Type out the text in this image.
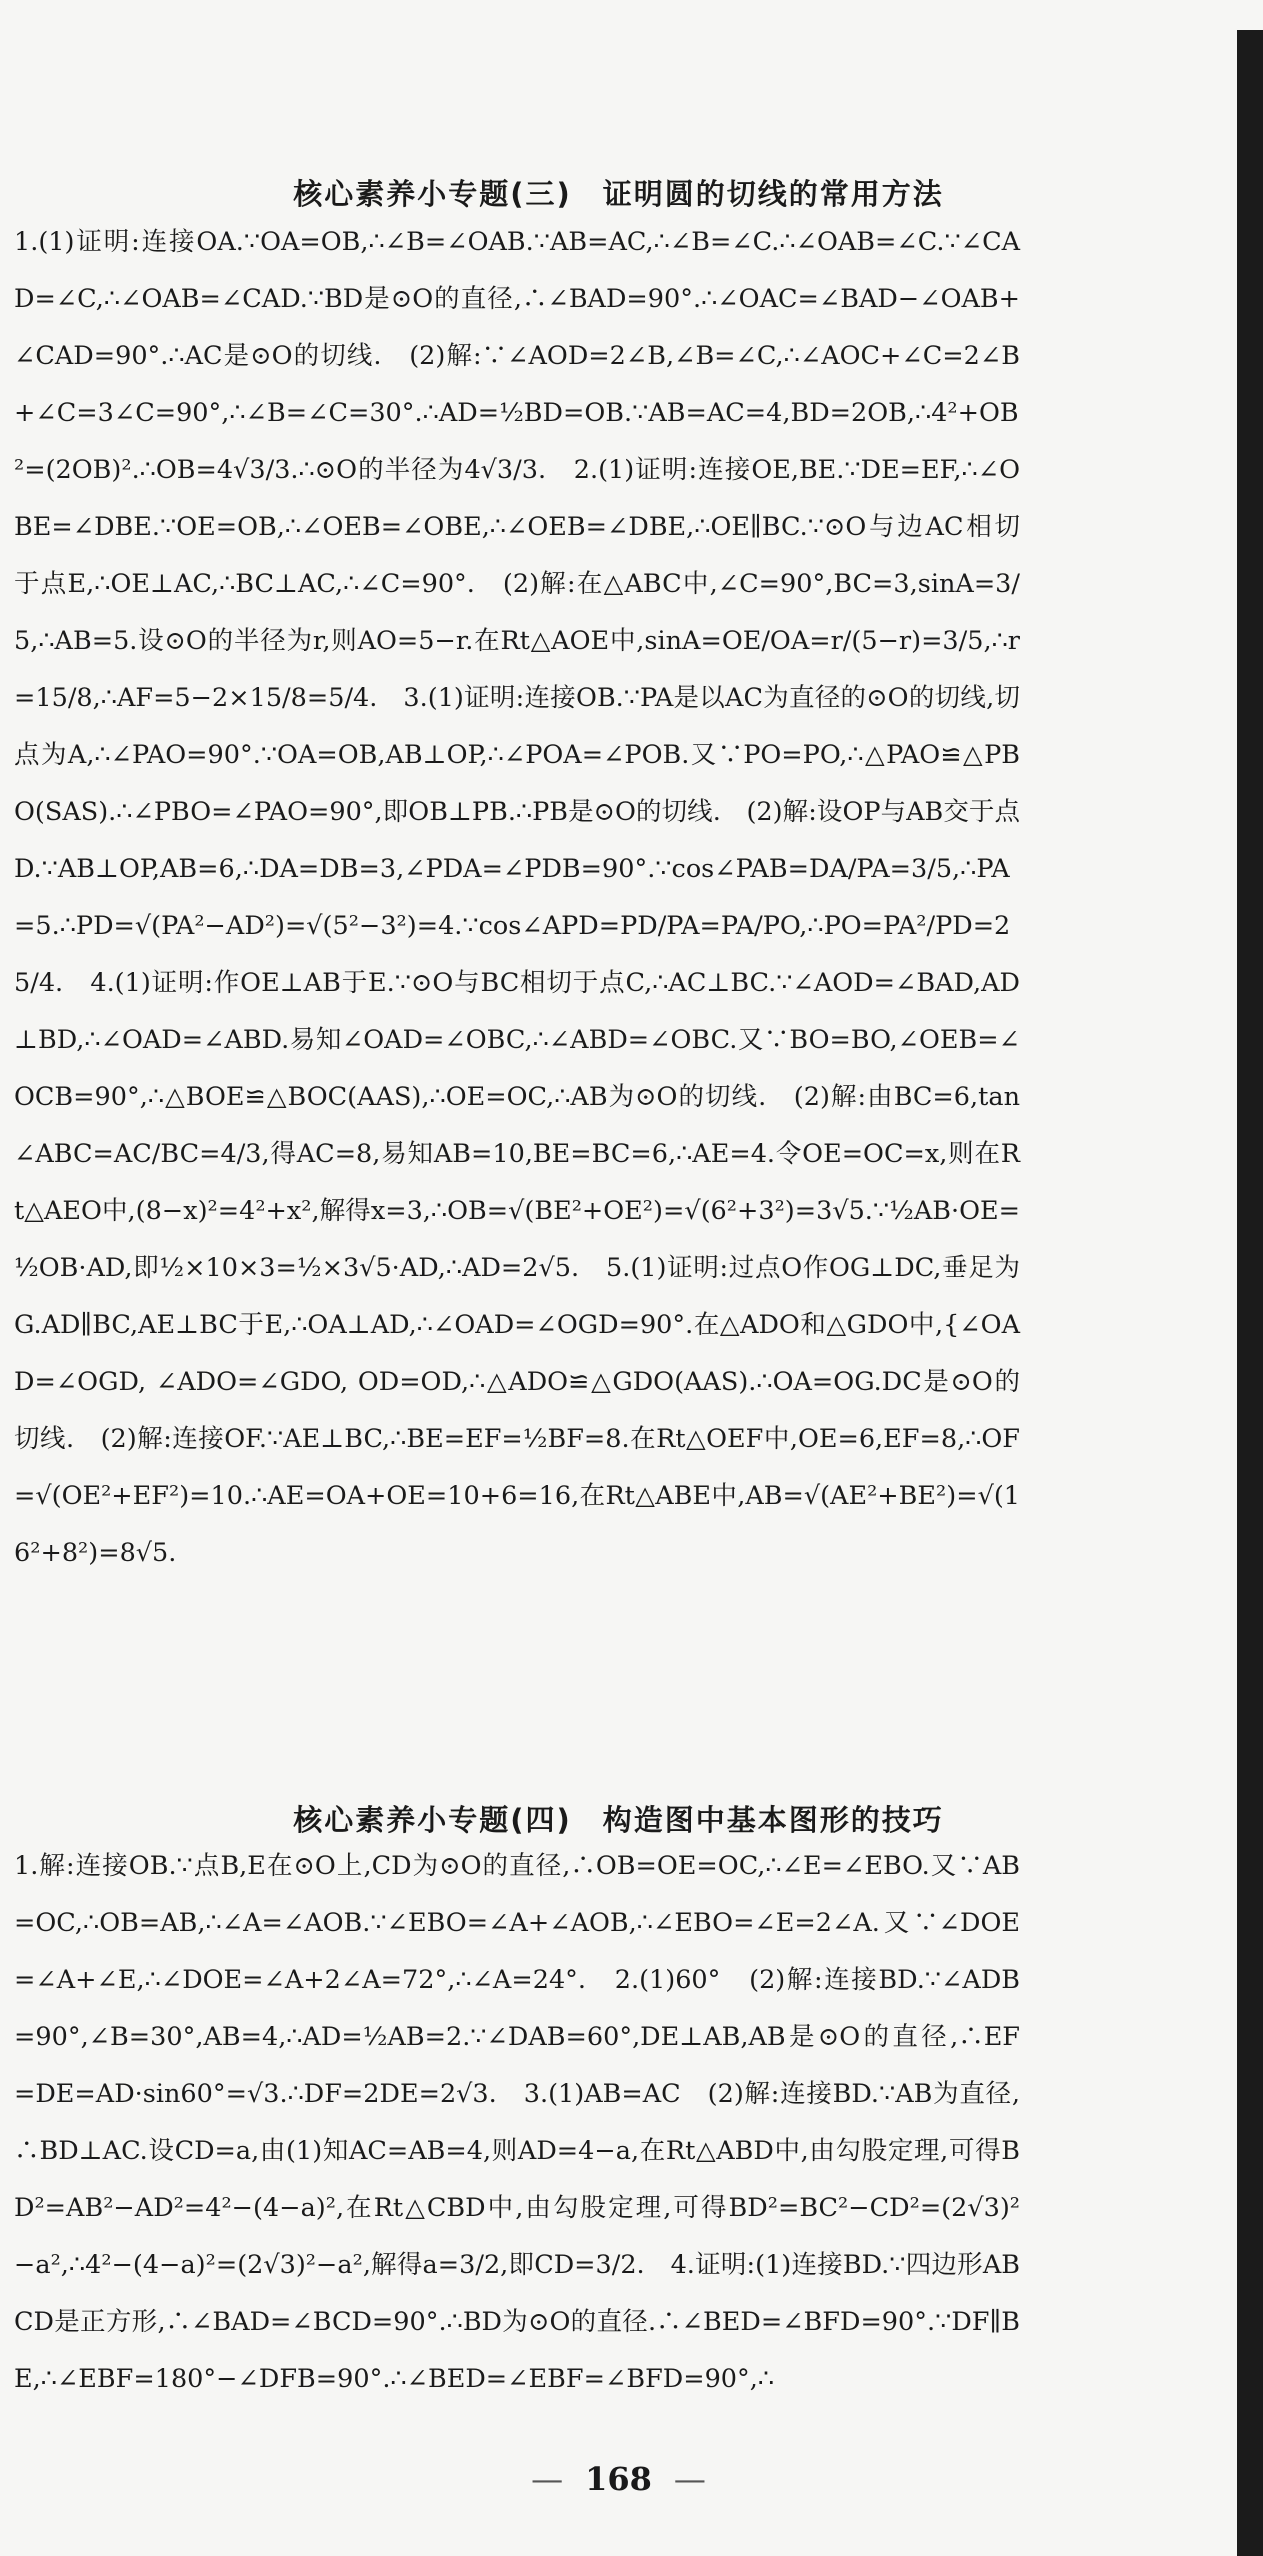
核心素养小专题(三)　证明圆的切线的常用方法

1.(1)证明:连接OA.∵OA=OB,∴∠B=∠OAB.∵AB=AC,∴∠B=∠C.∴∠OAB=∠C.∵∠CAD=∠C,∴∠OAB=∠CAD.∵BD是⊙O的直径,∴∠BAD=90°.∴∠OAC=∠BAD−∠OAB+∠CAD=90°.∴AC是⊙O的切线.　(2)解:∵∠AOD=2∠B,∠B=∠C,∴∠AOC+∠C=2∠B+∠C=3∠C=90°,∴∠B=∠C=30°.∴AD=½BD=OB.∵AB=AC=4,BD=2OB,∴4²+OB²=(2OB)².∴OB=4√3/3.∴⊙O的半径为4√3/3.　2.(1)证明:连接OE,BE.∵DE=EF,∴∠OBE=∠DBE.∵OE=OB,∴∠OEB=∠OBE,∴∠OEB=∠DBE,∴OE∥BC.∵⊙O与边AC相切于点E,∴OE⊥AC,∴BC⊥AC,∴∠C=90°.　(2)解:在△ABC中,∠C=90°,BC=3,sinA=3/5,∴AB=5.设⊙O的半径为r,则AO=5−r.在Rt△AOE中,sinA=OE/OA=r/(5−r)=3/5,∴r=15/8,∴AF=5−2×15/8=5/4.　3.(1)证明:连接OB.∵PA是以AC为直径的⊙O的切线,切点为A,∴∠PAO=90°.∵OA=OB,AB⊥OP,∴∠POA=∠POB.又∵PO=PO,∴△PAO≌△PBO(SAS).∴∠PBO=∠PAO=90°,即OB⊥PB.∴PB是⊙O的切线.　(2)解:设OP与AB交于点D.∵AB⊥OP,AB=6,∴DA=DB=3,∠PDA=∠PDB=90°.∵cos∠PAB=DA/PA=3/5,∴PA=5.∴PD=√(PA²−AD²)=√(5²−3²)=4.∵cos∠APD=PD/PA=PA/PO,∴PO=PA²/PD=25/4.　4.(1)证明:作OE⊥AB于E.∵⊙O与BC相切于点C,∴AC⊥BC.∵∠AOD=∠BAD,AD⊥BD,∴∠OAD=∠ABD.易知∠OAD=∠OBC,∴∠ABD=∠OBC.又∵BO=BO,∠OEB=∠OCB=90°,∴△BOE≌△BOC(AAS),∴OE=OC,∴AB为⊙O的切线.　(2)解:由BC=6,tan∠ABC=AC/BC=4/3,得AC=8,易知AB=10,BE=BC=6,∴AE=4.令OE=OC=x,则在Rt△AEO中,(8−x)²=4²+x²,解得x=3,∴OB=√(BE²+OE²)=√(6²+3²)=3√5.∵½AB·OE=½OB·AD,即½×10×3=½×3√5·AD,∴AD=2√5.　5.(1)证明:过点O作OG⊥DC,垂足为G.AD∥BC,AE⊥BC于E,∴OA⊥AD,∴∠OAD=∠OGD=90°.在△ADO和△GDO中,{∠OAD=∠OGD, ∠ADO=∠GDO, OD=OD,∴△ADO≌△GDO(AAS).∴OA=OG.DC是⊙O的切线.　(2)解:连接OF.∵AE⊥BC,∴BE=EF=½BF=8.在Rt△OEF中,OE=6,EF=8,∴OF=√(OE²+EF²)=10.∴AE=OA+OE=10+6=16,在Rt△ABE中,AB=√(AE²+BE²)=√(16²+8²)=8√5.

核心素养小专题(四)　构造图中基本图形的技巧

1.解:连接OB.∵点B,E在⊙O上,CD为⊙O的直径,∴OB=OE=OC,∴∠E=∠EBO.又∵AB=OC,∴OB=AB,∴∠A=∠AOB.∵∠EBO=∠A+∠AOB,∴∠EBO=∠E=2∠A.又∵∠DOE=∠A+∠E,∴∠DOE=∠A+2∠A=72°,∴∠A=24°.　2.(1)60°　(2)解:连接BD.∵∠ADB=90°,∠B=30°,AB=4,∴AD=½AB=2.∵∠DAB=60°,DE⊥AB,AB是⊙O的直径,∴EF=DE=AD·sin60°=√3.∴DF=2DE=2√3.　3.(1)AB=AC　(2)解:连接BD.∵AB为直径,∴BD⊥AC.设CD=a,由(1)知AC=AB=4,则AD=4−a,在Rt△ABD中,由勾股定理,可得BD²=AB²−AD²=4²−(4−a)²,在Rt△CBD中,由勾股定理,可得BD²=BC²−CD²=(2√3)²−a²,∴4²−(4−a)²=(2√3)²−a²,解得a=3/2,即CD=3/2.　4.证明:(1)连接BD.∵四边形ABCD是正方形,∴∠BAD=∠BCD=90°.∴BD为⊙O的直径.∴∠BED=∠BFD=90°.∵DF∥BE,∴∠EBF=180°−∠DFB=90°.∴∠BED=∠EBF=∠BFD=90°,∴

— 168 —
